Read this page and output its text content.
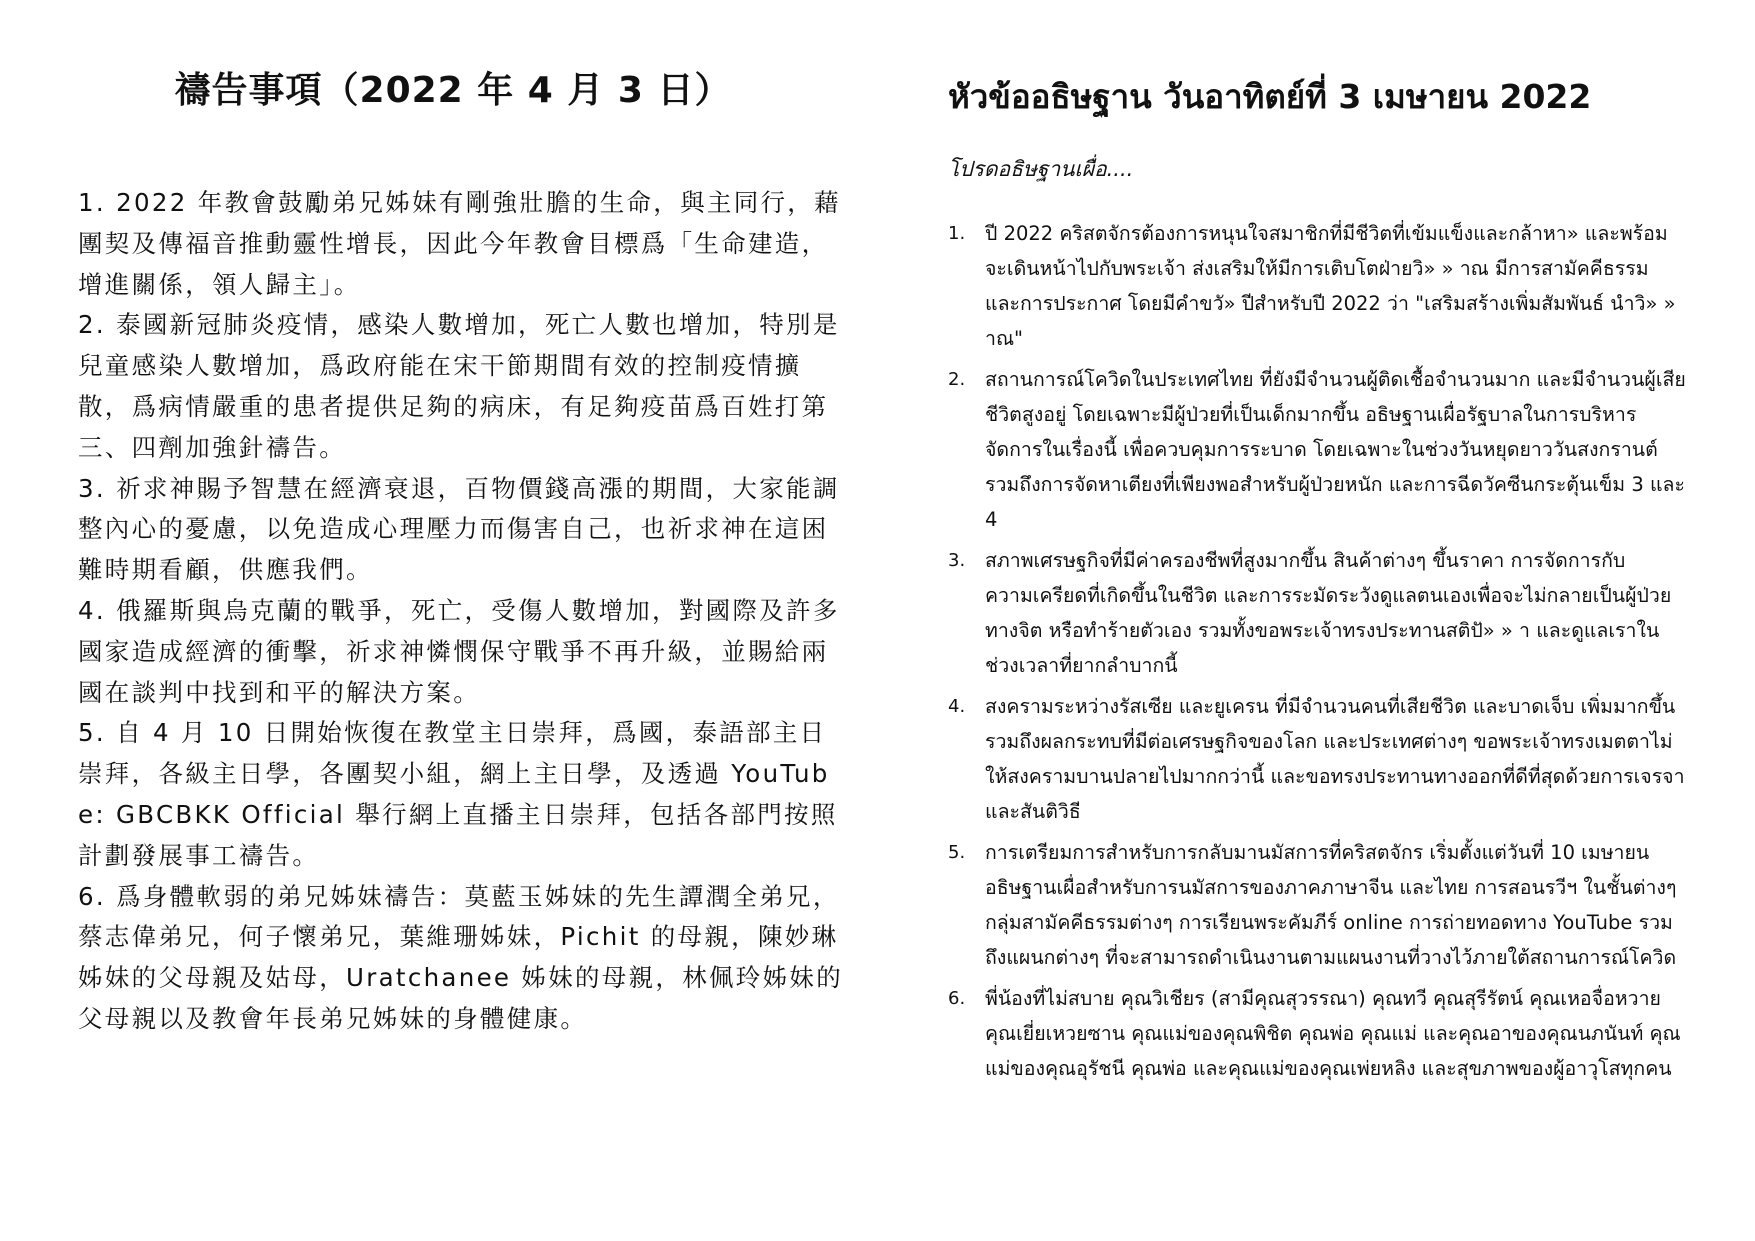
禱告事項（2022 年 4 月 3 日）

1. 2022 年教會鼓勵弟兄姊妹有剛強壯膽的生命，與主同行，藉團契及傳福音推動靈性增長，因此今年教會目標爲「生命建造，增進關係，領人歸主」。

2. 泰國新冠肺炎疫情，感染人數增加，死亡人數也增加，特別是兒童感染人數增加，爲政府能在宋干節期間有效的控制疫情擴散，爲病情嚴重的患者提供足夠的病床，有足夠疫苗爲百姓打第三、四劑加強針禱告。

3. 祈求神賜予智慧在經濟衰退，百物價錢高漲的期間，大家能調整內心的憂慮，以免造成心理壓力而傷害自己，也祈求神在這困難時期看顧，供應我們。

4. 俄羅斯與烏克蘭的戰爭，死亡，受傷人數增加，對國際及許多國家造成經濟的衝擊，祈求神憐憫保守戰爭不再升級，並賜給兩國在談判中找到和平的解決方案。

5. 自 4 月 10 日開始恢復在教堂主日崇拜，爲國，泰語部主日崇拜，各級主日學，各團契小組，網上主日學，及透過 YouTube: GBCBKK Official 舉行網上直播主日崇拜，包括各部門按照計劃發展事工禱告。

6. 爲身體軟弱的弟兄姊妹禱告：莫藍玉姊妹的先生譚潤全弟兄，蔡志偉弟兄，何子懷弟兄，葉維珊姊妹，Pichit 的母親，陳妙琳姊妹的父母親及姑母，Uratchanee 姊妹的母親，林佩玲姊妹的父母親以及教會年長弟兄姊妹的身體健康。

หัวข้ออธิษฐาน วันอาทิตย์ที่ 3 เมษายน 2022

โปรดอธิษฐานเผื่อ....

1.	ปี 2022 คริสตจักรต้องการหนุนใจสมาชิกที่มีชีวิตที่เข้มแข็งและกล้าหา» และพร้อมจะเดินหน้าไปกับพระเจ้า ส่งเสริมให้มีการเติบโตฝ่ายวิ» » าณ มีการสามัคคีธรรม และการประกาศ โดยมีคำขวั» ปีสำหรับปี 2022 ว่า "เสริมสร้างเพิ่มสัมพันธ์ นำวิ» » าณ"
2.	สถานการณ์โควิดในประเทศไทย ที่ยังมีจำนวนผู้ติดเชื้อจำนวนมาก และมีจำนวนผู้เสียชีวิตสูงอยู่ โดยเฉพาะมีผู้ป่วยที่เป็นเด็กมากขึ้น อธิษฐานเผื่อรัฐบาลในการบริหารจัดการในเรื่องนี้ เพื่อควบคุมการระบาด โดยเฉพาะในช่วงวันหยุดยาววันสงกรานต์ รวมถึงการจัดหาเตียงที่เพียงพอสำหรับผู้ป่วยหนัก และการฉีดวัคซีนกระตุ้นเข็ม 3 และ 4
3.	สภาพเศรษฐกิจที่มีค่าครองชีพที่สูงมากขึ้น สินค้าต่างๆ ขึ้นราคา การจัดการกับความเครียดที่เกิดขึ้นในชีวิต และการระมัดระวังดูแลตนเองเพื่อจะไม่กลายเป็นผู้ป่วยทางจิต หรือทำร้ายตัวเอง รวมทั้งขอพระเจ้าทรงประทานสติปั» » า และดูแลเราในช่วงเวลาที่ยากลำบากนี้
4.	สงครามระหว่างรัสเซีย และยูเครน ที่มีจำนวนคนที่เสียชีวิต และบาดเจ็บ เพิ่มมากขึ้น รวมถึงผลกระทบที่มีต่อเศรษฐกิจของโลก และประเทศต่างๆ ขอพระเจ้าทรงเมตตาไม่ให้สงครามบานปลายไปมากกว่านี้ และขอทรงประทานทางออกที่ดีที่สุดด้วยการเจรจาและสันติวิธี
5.	การเตรียมการสำหรับการกลับมานมัสการที่คริสตจักร เริ่มตั้งแต่วันที่ 10 เมษายน อธิษฐานเผื่อสำหรับการนมัสการของภาคภาษาจีน และไทย การสอนรวีฯ ในชั้นต่างๆ กลุ่มสามัคคีธรรมต่างๆ การเรียนพระคัมภีร์ online การถ่ายทอดทาง YouTube รวมถึงแผนกต่างๆ ที่จะสามารถดำเนินงานตามแผนงานที่วางไว้ภายใต้สถานการณ์โควิด
6.	พี่น้องที่ไม่สบาย คุณวิเชียร (สามีคุณสุวรรณา) คุณทวี คุณสุรีรัตน์ คุณเหอจื่อหวาย คุณเยี่ยเหวยซาน คุณแม่ของคุณพิชิต คุณพ่อ คุณแม่ และคุณอาของคุณนภนันท์ คุณแม่ของคุณอุรัชนี คุณพ่อ และคุณแม่ของคุณเพ่ยหลิง และสุขภาพของผู้อาวุโสทุกคน
